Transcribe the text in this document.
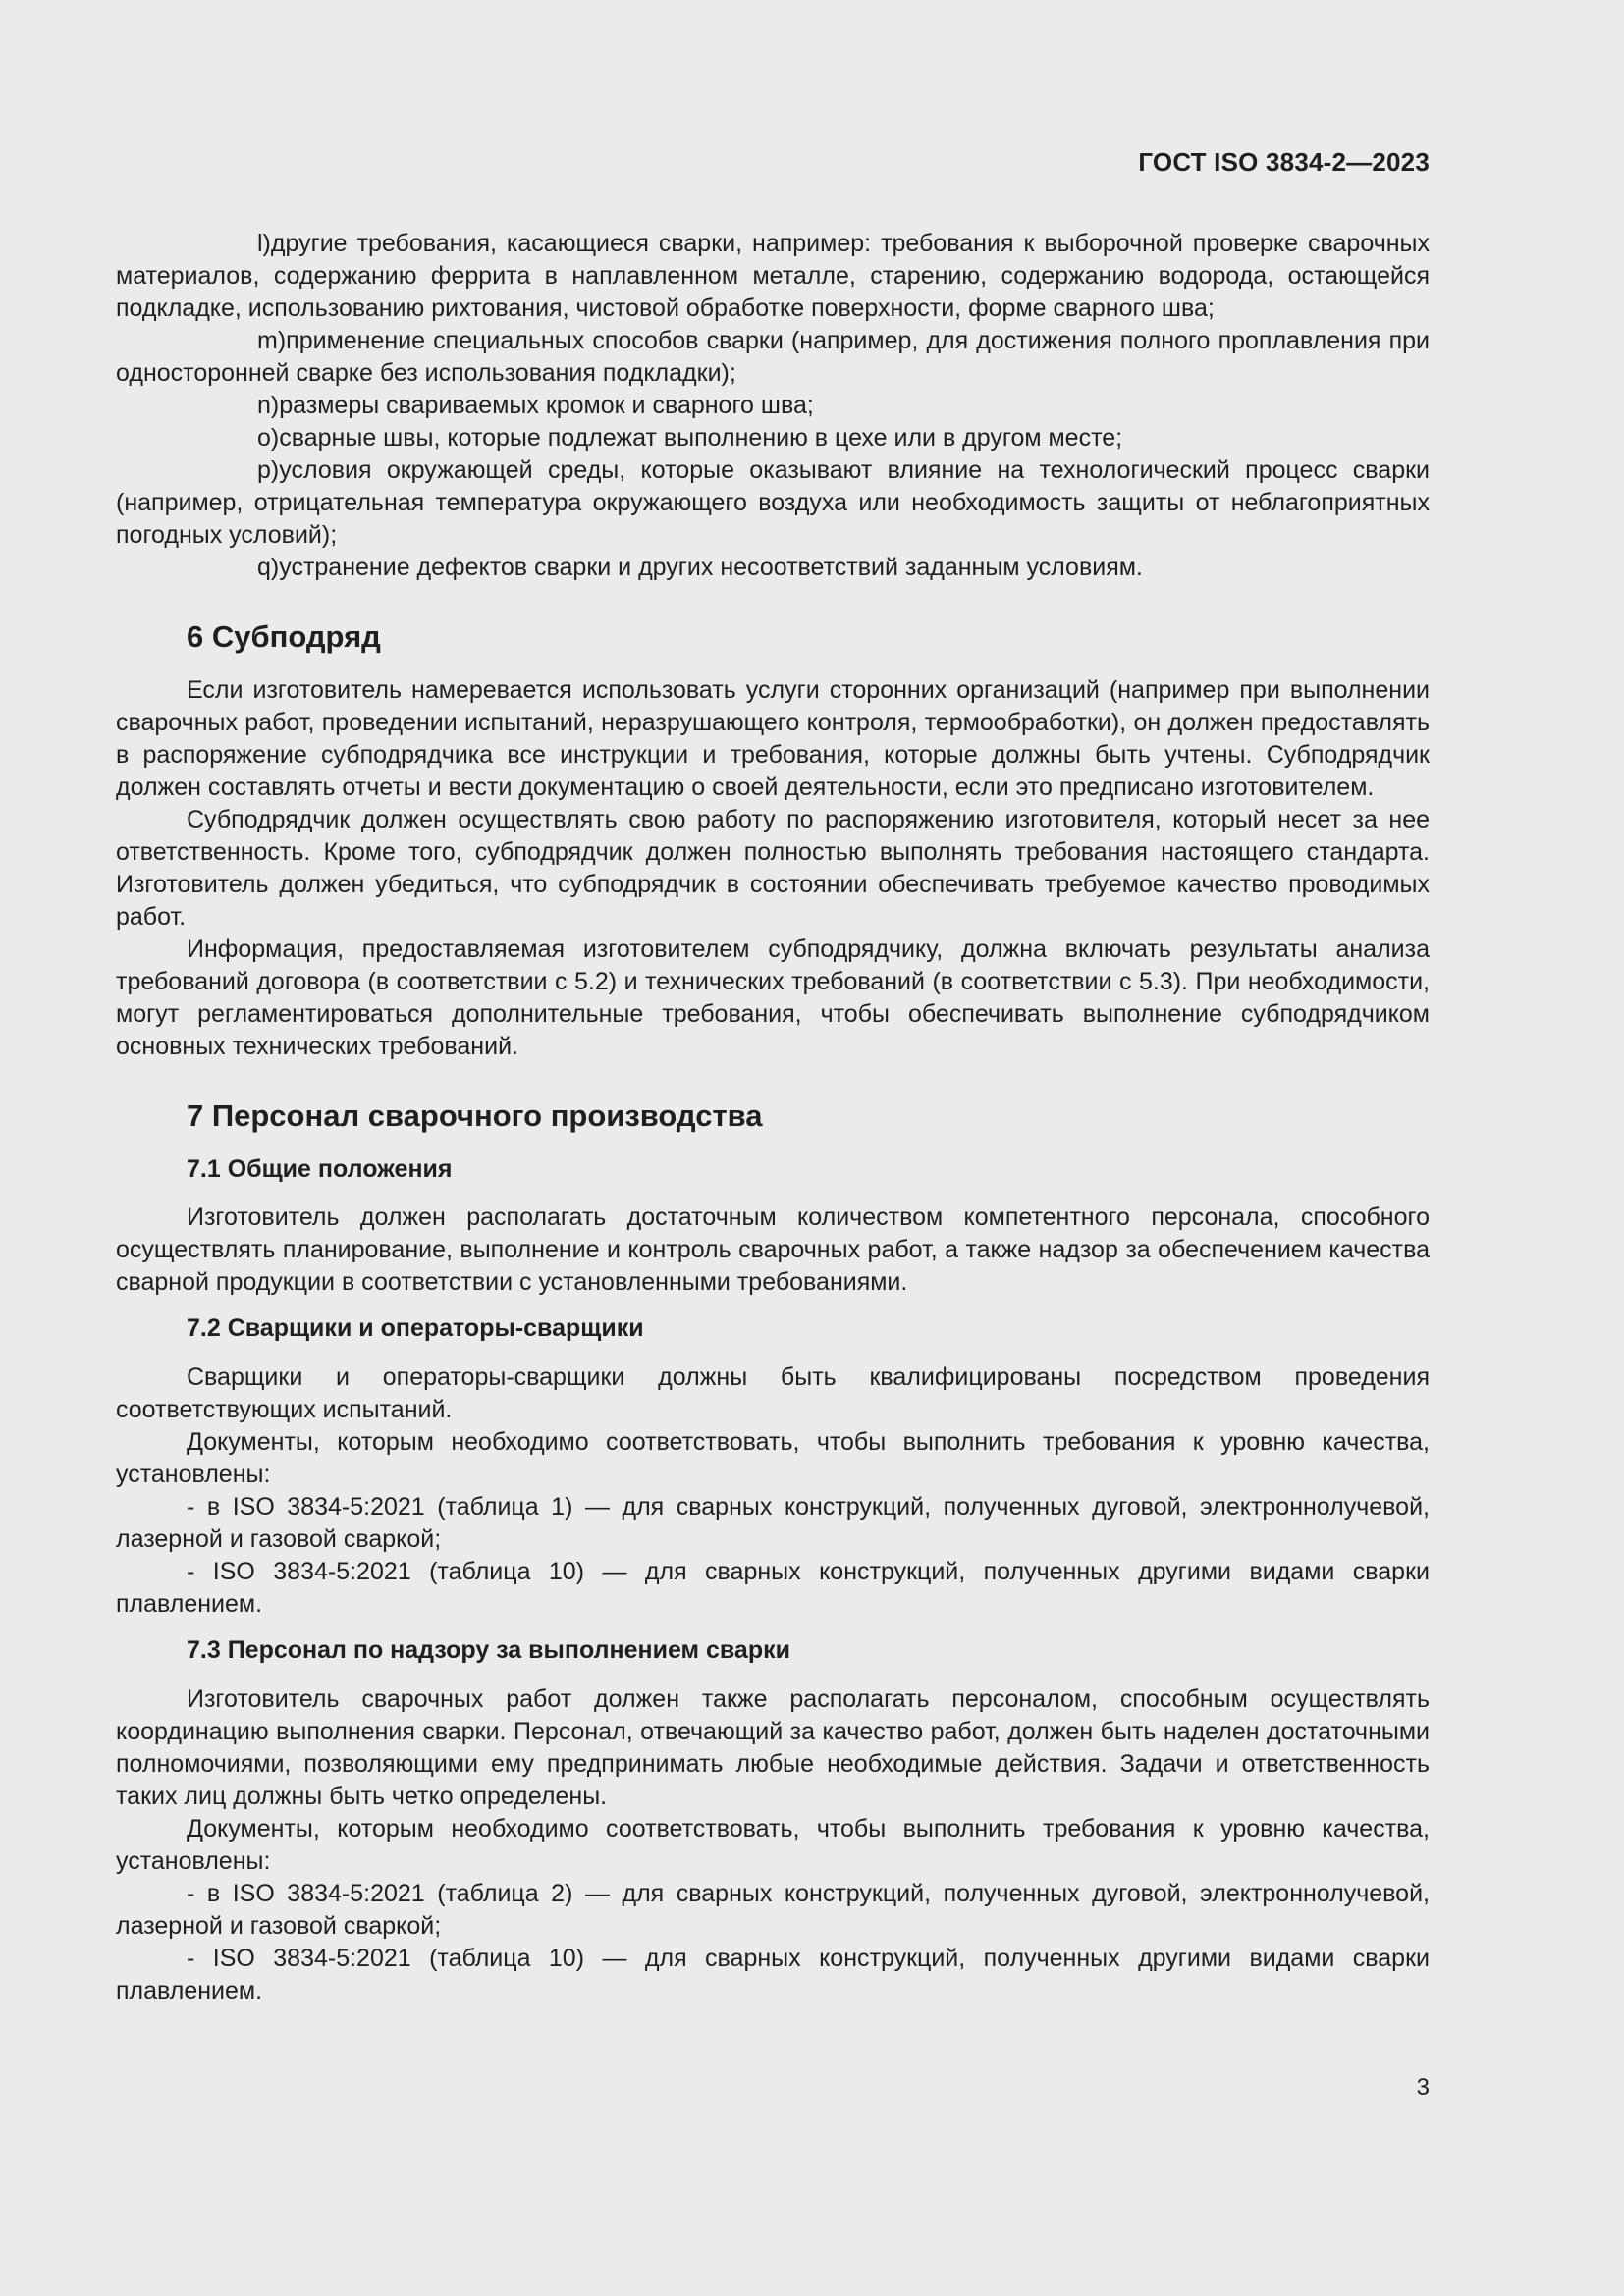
ГОСТ ISO 3834-2—2023

l)другие требования, касающиеся сварки, например: требования к выборочной проверке сварочных материалов, содержанию феррита в наплавленном металле, старению, содержанию водорода, остающейся подкладке, использованию рихтования, чистовой обработке поверхности, форме сварного шва;

m)применение специальных способов сварки (например, для достижения полного проплавления при односторонней сварке без использования подкладки);

n)размеры свариваемых кромок и сварного шва;

o)сварные швы, которые подлежат выполнению в цехе или в другом месте;

p)условия окружающей среды, которые оказывают влияние на технологический процесс сварки (например, отрицательная температура окружающего воздуха или необходимость защиты от неблагоприятных погодных условий);

q)устранение дефектов сварки и других несоответствий заданным условиям.

6 Субподряд

Если изготовитель намеревается использовать услуги сторонних организаций (например при выполнении сварочных работ, проведении испытаний, неразрушающего контроля, термообработки), он должен предоставлять в распоряжение субподрядчика все инструкции и требования, которые должны быть учтены. Субподрядчик должен составлять отчеты и вести документацию о своей деятельности, если это предписано изготовителем.

Субподрядчик должен осуществлять свою работу по распоряжению изготовителя, который несет за нее ответственность. Кроме того, субподрядчик должен полностью выполнять требования настоящего стандарта. Изготовитель должен убедиться, что субподрядчик в состоянии обеспечивать требуемое качество проводимых работ.

Информация, предоставляемая изготовителем субподрядчику, должна включать результаты анализа требований договора (в соответствии с 5.2) и технических требований (в соответствии с 5.3). При необходимости, могут регламентироваться дополнительные требования, чтобы обеспечивать выполнение субподрядчиком основных технических требований.

7 Персонал сварочного производства
7.1 Общие положения

Изготовитель должен располагать достаточным количеством компетентного персонала, способного осуществлять планирование, выполнение и контроль сварочных работ, а также надзор за обеспечением качества сварной продукции в соответствии с установленными требованиями.

7.2 Сварщики и операторы-сварщики

Сварщики и операторы-сварщики должны быть квалифицированы посредством проведения соответствующих испытаний.

Документы, которым необходимо соответствовать, чтобы выполнить требования к уровню качества, установлены:

- в ISO 3834-5:2021 (таблица 1) — для сварных конструкций, полученных дуговой, электроннолучевой, лазерной и газовой сваркой;

- ISO 3834-5:2021 (таблица 10) — для сварных конструкций, полученных другими видами сварки плавлением.

7.3 Персонал по надзору за выполнением сварки

Изготовитель сварочных работ должен также располагать персоналом, способным осуществлять координацию выполнения сварки. Персонал, отвечающий за качество работ, должен быть наделен достаточными полномочиями, позволяющими ему предпринимать любые необходимые действия. Задачи и ответственность таких лиц должны быть четко определены.

Документы, которым необходимо соответствовать, чтобы выполнить требования к уровню качества, установлены:

- в ISO 3834-5:2021 (таблица 2) — для сварных конструкций, полученных дуговой, электроннолучевой, лазерной и газовой сваркой;

- ISO 3834-5:2021 (таблица 10) — для сварных конструкций, полученных другими видами сварки плавлением.

3
